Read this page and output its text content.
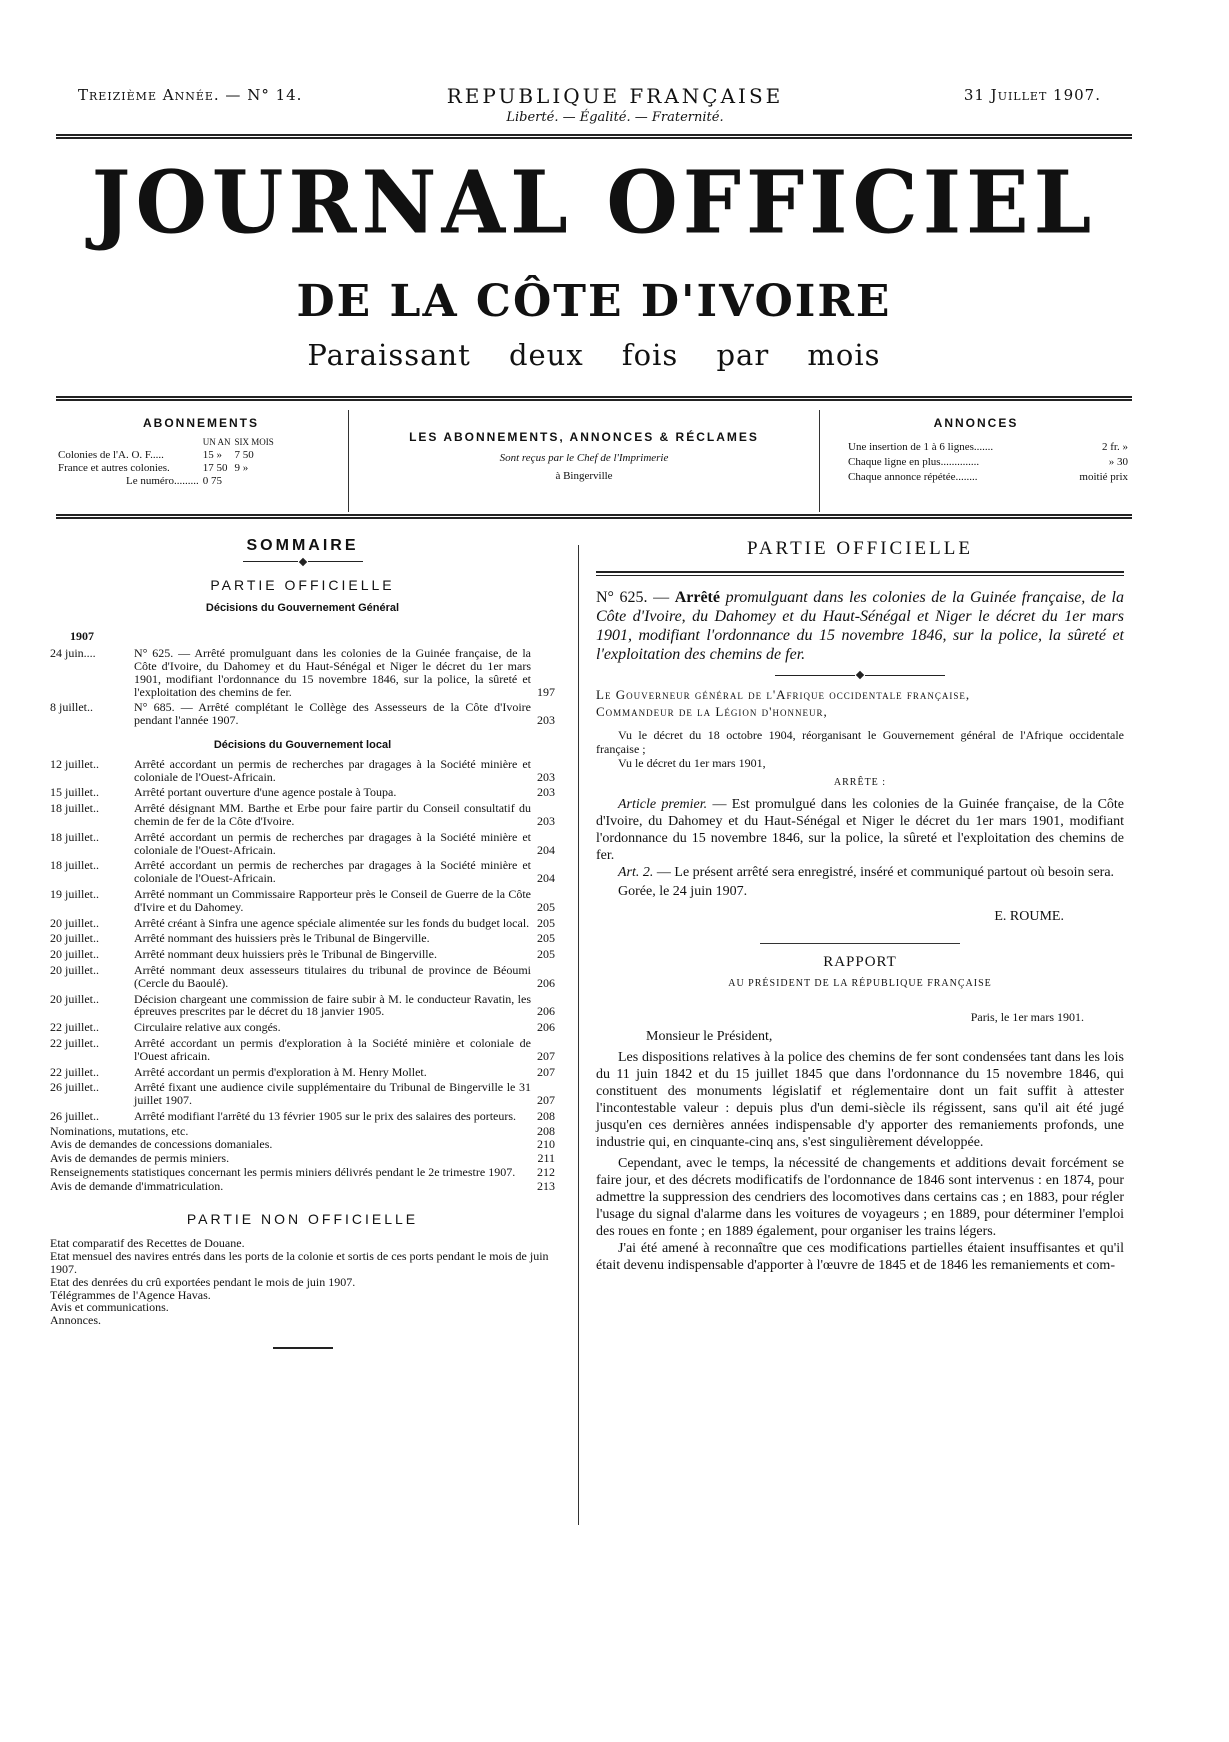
Treizième Année. — N° 14.	REPUBLIQUE FRANÇAISE
Liberté. — Égalité. — Fraternité.
31 Juillet 1907.
JOURNAL OFFICIEL
DE LA CÔTE D'IVOIRE
Paraissant deux fois par mois
ABONNEMENTS
	UN AN	SIX MOIS
Colonies de l'A. O. F.....	15 »	7 50
France et autres colonies.	17 50	9 »
Le numéro.........	0 75	
LES ABONNEMENTS, ANNONCES & RÉCLAMES
Sont reçus par le Chef de l'Imprimerie
à Bingerville
ANNONCES
Une insertion de 1 à 6 lignes.......	2 fr. »
Chaque ligne en plus..............	» 30
Chaque annonce répétée........	moitié prix
SOMMAIRE
PARTIE OFFICIELLE
Décisions du Gouvernement Général
1907
24 juin....	N° 625. — Arrêté promulguant dans les colonies de la Guinée française, de la Côte d'Ivoire, du Dahomey et du Haut-Sénégal et Niger le décret du 1er mars 1901, modifiant l'ordonnance du 15 novembre 1846, sur la police, la sûreté et l'exploitation des chemins de fer.	197
8 juillet..	N° 685. — Arrêté complétant le Collège des Assesseurs de la Côte d'Ivoire pendant l'année 1907.	203
Décisions du Gouvernement local
12 juillet..	Arrêté accordant un permis de recherches par dragages à la Société minière et coloniale de l'Ouest-Africain.	203
15 juillet..	Arrêté portant ouverture d'une agence postale à Toupa.	203
18 juillet..	Arrêté désignant MM. Barthe et Erbe pour faire partir du Conseil consultatif du chemin de fer de la Côte d'Ivoire.	203
18 juillet..	Arrêté accordant un permis de recherches par dragages à la Société minière et coloniale de l'Ouest-Africain.	204
18 juillet..	Arrêté accordant un permis de recherches par dragages à la Société minière et coloniale de l'Ouest-Africain.	204
19 juillet..	Arrêté nommant un Commissaire Rapporteur près le Conseil de Guerre de la Côte d'Ivire et du Dahomey.	205
20 juillet..	Arrêté créant à Sinfra une agence spéciale alimentée sur les fonds du budget local. 205
20 juillet..	Arrêté nommant des huissiers près le Tribunal de Bingerville.	205
20 juillet..	Arrêté nommant deux huissiers près le Tribunal de Bingerville.	205
20 juillet..	Arrêté nommant deux assesseurs titulaires du tribunal de province de Béoumi (Cercle du Baoulé).	206
20 juillet..	Décision chargeant une commission de faire subir à M. le conducteur Ravatin, les épreuves prescrites par le décret du 18 janvier 1905.	206
22 juillet..	Circulaire relative aux congés.	206
22 juillet..	Arrêté accordant un permis d'exploration à la Société minière et coloniale de l'Ouest africain.	207
22 juillet..	Arrêté accordant un permis d'exploration à M. Henry Mollet.	207
26 juillet..	Arrêté fixant une audience civile supplémentaire du Tribunal de Bingerville le 31 juillet 1907.	207
26 juillet..	Arrêté modifiant l'arrêté du 13 février 1905 sur le prix des salaires des porteurs.	208
Nominations, mutations, etc.	208
Avis de demandes de concessions domaniales.	210
Avis de demandes de permis miniers.	211
Renseignements statistiques concernant les permis miniers délivrés pendant le 2e trimestre 1907.	212
Avis de demande d'immatriculation.	213
PARTIE NON OFFICIELLE
Etat comparatif des Recettes de Douane.
Etat mensuel des navires entrés dans les ports de la colonie et sortis de ces ports pendant le mois de juin 1907.
Etat des denrées du crû exportées pendant le mois de juin 1907.
Télégrammes de l'Agence Havas.
Avis et communications.
Annonces.
PARTIE OFFICIELLE

N° 625. — Arrêté promulguant dans les colonies de la Guinée française, de la Côte d'Ivoire, du Dahomey et du Haut-Sénégal et Niger le décret du 1er mars 1901, modifiant l'ordonnance du 15 novembre 1846, sur la police, la sûreté et l'exploitation des chemins de fer.

Le Gouverneur général de l'Afrique occidentale française,

Commandeur de la Légion d'honneur,

Vu le décret du 18 octobre 1904, réorganisant le Gouvernement général de l'Afrique occidentale française ;

Vu le décret du 1er mars 1901,

ARRÊTE :

Article premier. — Est promulgué dans les colonies de la Guinée française, de la Côte d'Ivoire, du Dahomey et du Haut-Sénégal et Niger le décret du 1er mars 1901, modifiant l'ordonnance du 15 novembre 1846, sur la police, la sûreté et l'exploitation des chemins de fer.

Art. 2. — Le présent arrêté sera enregistré, inséré et communiqué partout où besoin sera.

Gorée, le 24 juin 1907.

E. ROUME.

RAPPORT

AU PRÉSIDENT DE LA RÉPUBLIQUE FRANÇAISE

Paris, le 1er mars 1901.

Monsieur le Président,

Les dispositions relatives à la police des chemins de fer sont condensées tant dans les lois du 11 juin 1842 et du 15 juillet 1845 que dans l'ordonnance du 15 novembre 1846, qui constituent des monuments législatif et réglementaire dont un fait suffit à attester l'incontestable valeur : depuis plus d'un demi-siècle ils régissent, sans qu'il ait été jugé jusqu'en ces dernières années indispensable d'y apporter des remaniements profonds, une industrie qui, en cinquante-cinq ans, s'est singulièrement développée.

Cependant, avec le temps, la nécessité de changements et additions devait forcément se faire jour, et des décrets modificatifs de l'ordonnance de 1846 sont intervenus : en 1874, pour admettre la suppression des cendriers des locomotives dans certains cas ; en 1883, pour régler l'usage du signal d'alarme dans les voitures de voyageurs ; en 1889, pour déterminer l'emploi des roues en fonte ; en 1889 également, pour organiser les trains légers.

J'ai été amené à reconnaître que ces modifications partielles étaient insuffisantes et qu'il était devenu indispensable d'apporter à l'œuvre de 1845 et de 1846 les remaniements et com-
